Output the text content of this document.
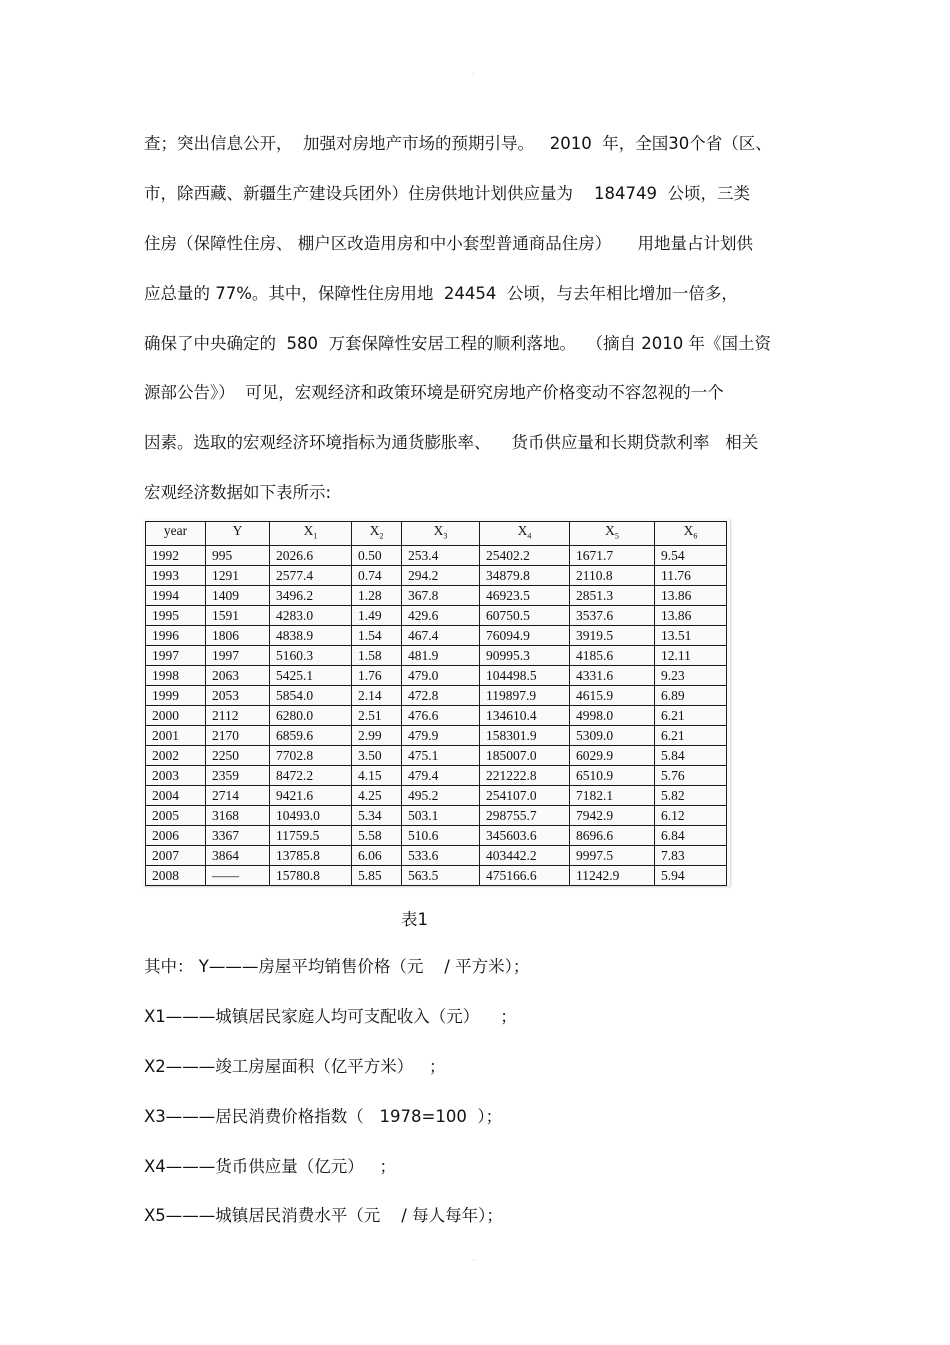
·
查；突出信息公开，  加强对房地产市场的预期引导。   2010  年，全国30个省（区、
市，除西藏、新疆生产建设兵团外）住房供地计划供应量为    184749  公顷，三类
住房（保障性住房、 棚户区改造用房和中小套型普通商品住房）     用地量占计划供
应总量的 77%。其中，保障性住房用地  24454  公顷，与去年相比增加一倍多，
确保了中央确定的  580  万套保障性安居工程的顺利落地。  （摘自 2010 年《国土资
源部公告》）  可见，宏观经济和政策环境是研究房地产价格变动不容忽视的一个
因素。选取的宏观经济环境指标为通货膨胀率、    货币供应量和长期贷款利率   相关
宏观经济数据如下表所示:
year	Y	$X_1$	$X_2$	$X_3$	$X_4$	$X_5$	$X_6$
1992	995	2026.6	0.50	253.4	25402.2	1671.7	9.54
1993	1291	2577.4	0.74	294.2	34879.8	2110.8	11.76
1994	1409	3496.2	1.28	367.8	46923.5	2851.3	13.86
1995	1591	4283.0	1.49	429.6	60750.5	3537.6	13.86
1996	1806	4838.9	1.54	467.4	76094.9	3919.5	13.51
1997	1997	5160.3	1.58	481.9	90995.3	4185.6	12.11
1998	2063	5425.1	1.76	479.0	104498.5	4331.6	9.23
1999	2053	5854.0	2.14	472.8	119897.9	4615.9	6.89
2000	2112	6280.0	2.51	476.6	134610.4	4998.0	6.21
2001	2170	6859.6	2.99	479.9	158301.9	5309.0	6.21
2002	2250	7702.8	3.50	475.1	185007.0	6029.9	5.84
2003	2359	8472.2	4.15	479.4	221222.8	6510.9	5.76
2004	2714	9421.6	4.25	495.2	254107.0	7182.1	5.82
2005	3168	10493.0	5.34	503.1	298755.7	7942.9	6.12
2006	3367	11759.5	5.58	510.6	345603.6	8696.6	6.84
2007	3864	13785.8	6.06	533.6	403442.2	9997.5	7.83
2008	——	15780.8	5.85	563.5	475166.6	11242.9	5.94
表1
其中： Y———房屋平均销售价格（元    / 平方米）；
X1———城镇居民家庭人均可支配收入（元）    ；
X2———竣工房屋面积（亿平方米）   ；
X3———居民消费价格指数（   1978=100  ）；
X4———货币供应量（亿元）   ；
X5———城镇居民消费水平（元    / 每人每年）；
··
